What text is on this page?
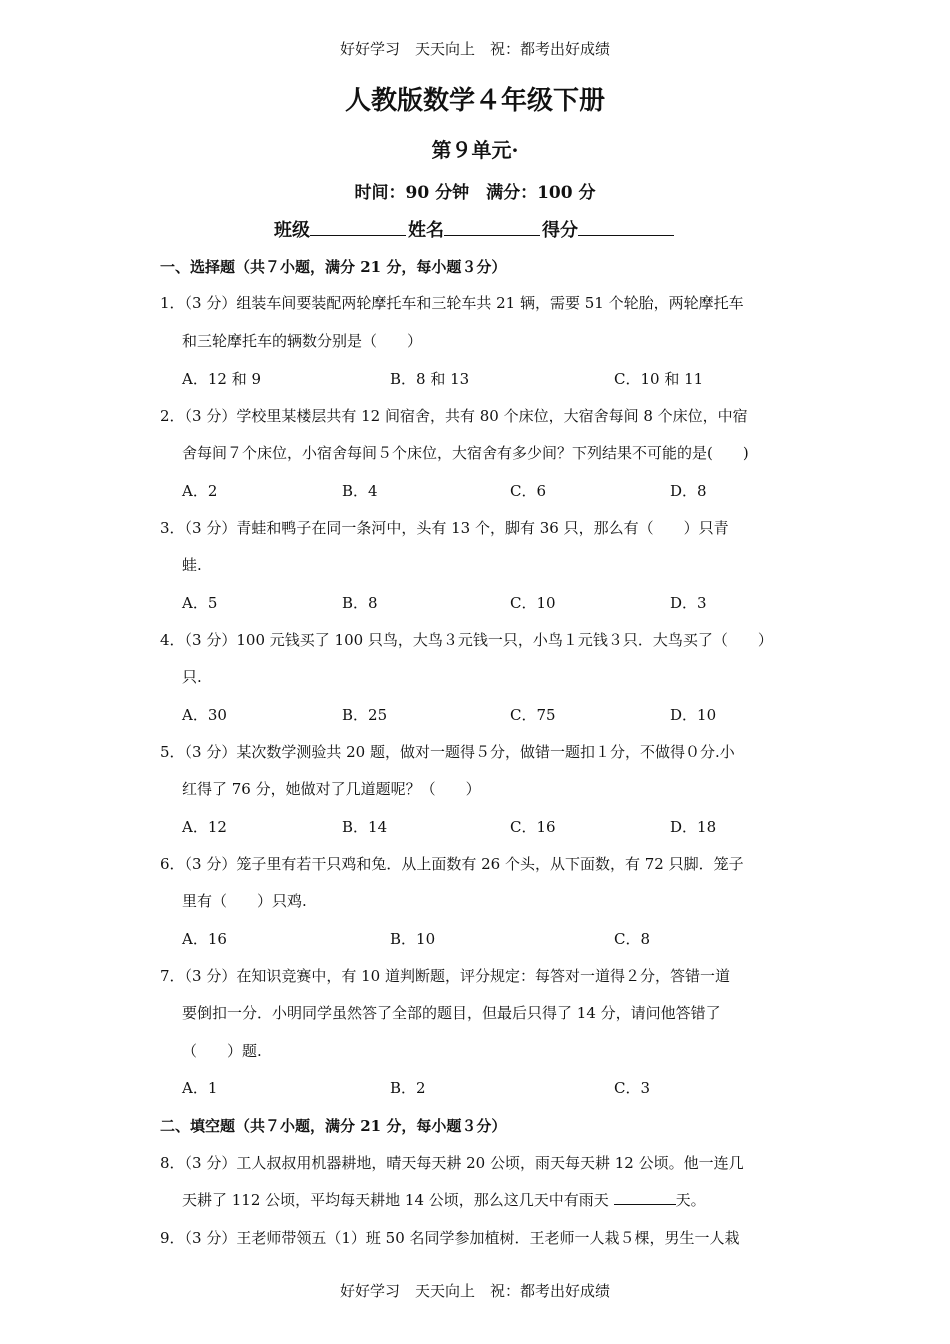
好好学习　天天向上　祝：都考出好成绩
人教版数学４年级下册
第９单元·
时间：90 分钟　满分：100 分
班级	姓名	得分
一、选择题（共７小题，满分 21 分，每小题３分）
1．（3 分）组装车间要装配两轮摩托车和三轮车共 21 辆，需要 51 个轮胎，两轮摩托车
和三轮摩托车的辆数分别是（　　）
A．12 和 9	B．8 和 13	C．10 和 11
2．（3 分）学校里某楼层共有 12 间宿舍，共有 80 个床位，大宿舍每间 8 个床位，中宿
舍每间７个床位，小宿舍每间５个床位，大宿舍有多少间？下列结果不可能的是(　　)
A．2	B．4	C．6	D．8
3．（3 分）青蛙和鸭子在同一条河中，头有 13 个，脚有 36 只，那么有（　　）只青
蛙.
A．5	B．8	C．10	D．3
4．（3 分）100 元钱买了 100 只鸟，大鸟３元钱一只，小鸟１元钱３只．大鸟买了（　　）
只.
A．30	B．25	C．75	D．10
5．（3 分）某次数学测验共 20 题，做对一题得５分，做错一题扣１分，不做得０分.小
红得了 76 分，她做对了几道题呢？（　　）
A．12	B．14	C．16	D．18
6．（3 分）笼子里有若干只鸡和兔．从上面数有 26 个头，从下面数，有 72 只脚．笼子
里有（　　）只鸡.
A．16	B．10	C．8
7．（3 分）在知识竞赛中，有 10 道判断题，评分规定：每答对一道得２分，答错一道
要倒扣一分．小明同学虽然答了全部的题目，但最后只得了 14 分，请问他答错了
（　　）题.
A．1	B．2	C．3
二、填空题（共７小题，满分 21 分，每小题３分）
8．（3 分）工人叔叔用机器耕地，晴天每天耕 20 公顷，雨天每天耕 12 公顷。他一连几
天耕了 112 公顷，平均每天耕地 14 公顷，那么这几天中有雨天	天。
9．（3 分）王老师带领五（1）班 50 名同学参加植树．王老师一人栽５棵，男生一人栽
好好学习　天天向上　祝：都考出好成绩
